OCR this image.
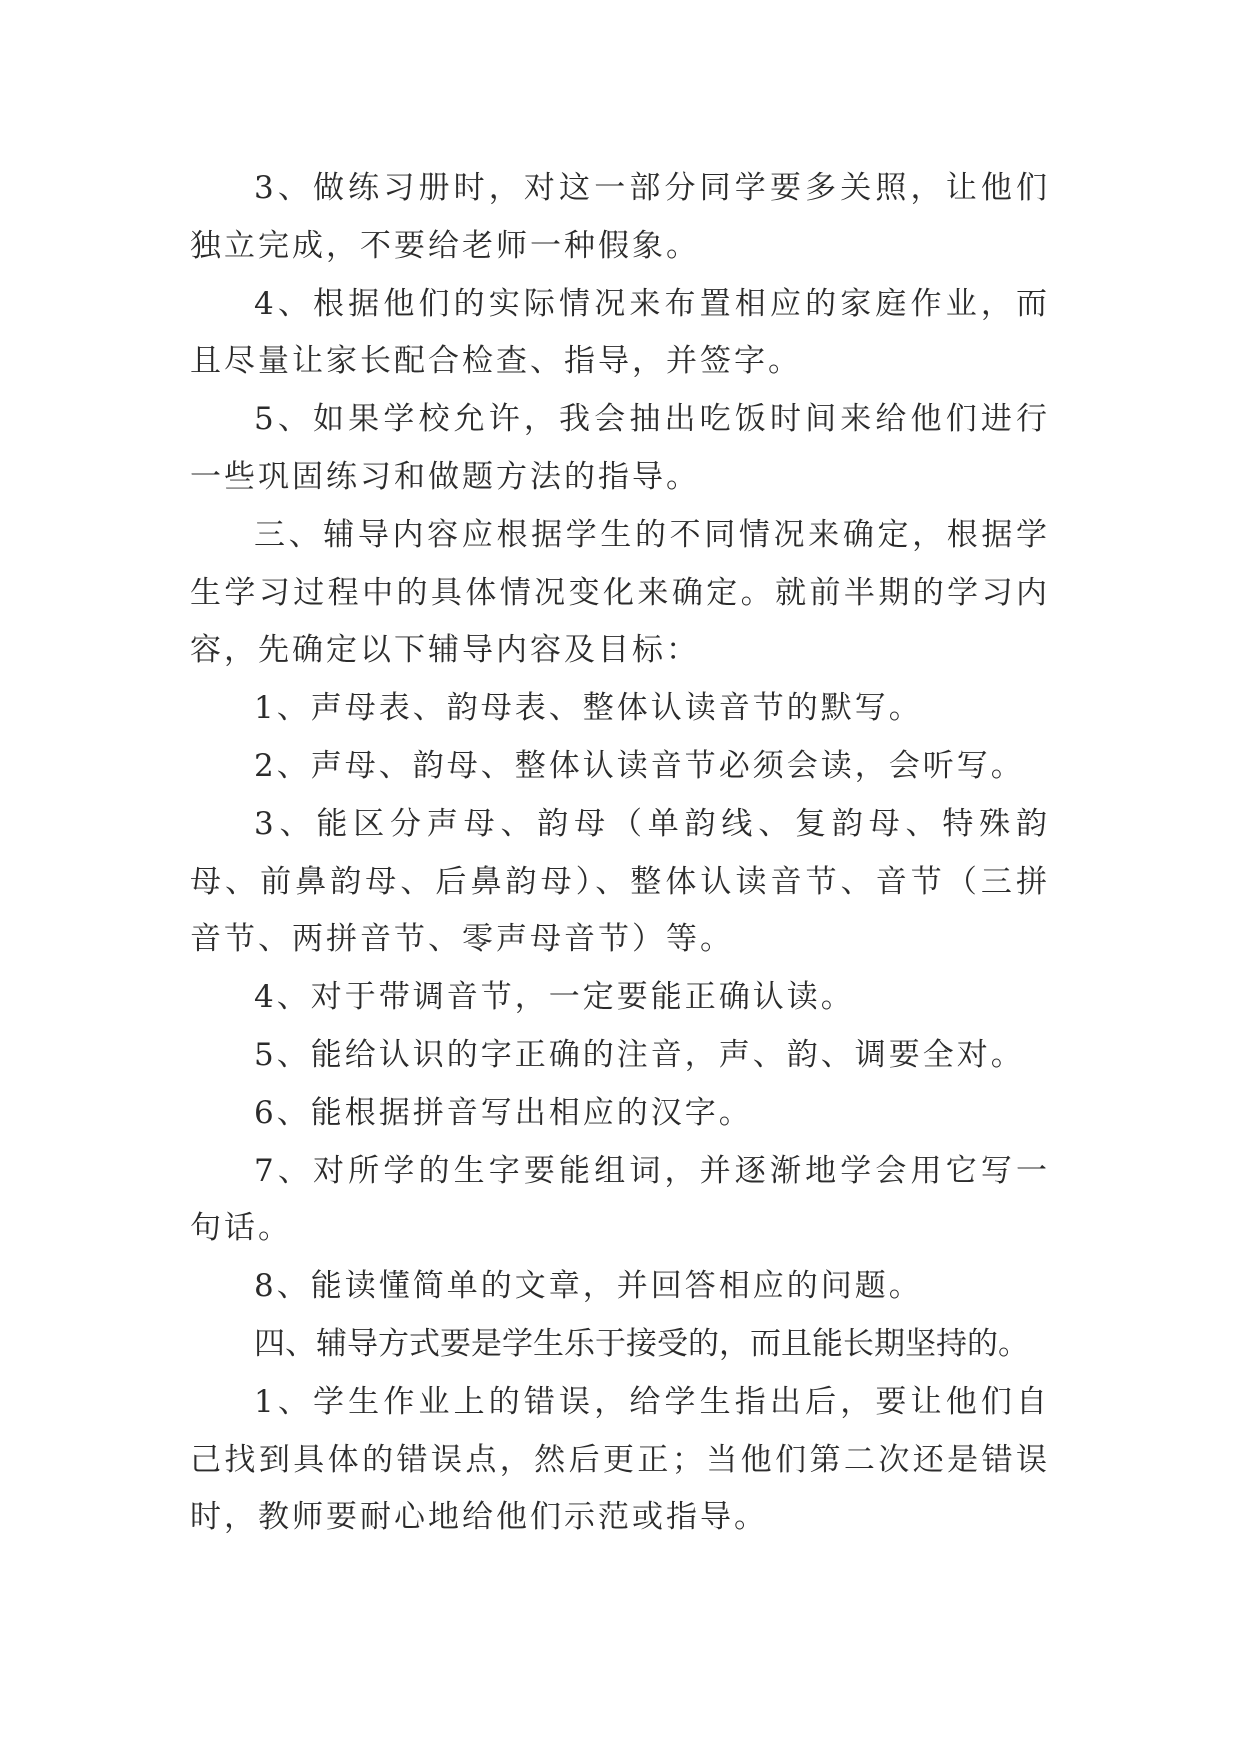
3、做练习册时，对这一部分同学要多关照，让他们独立完成，不要给老师一种假象。

4、根据他们的实际情况来布置相应的家庭作业，而且尽量让家长配合检查、指导，并签字。

5、如果学校允许，我会抽出吃饭时间来给他们进行一些巩固练习和做题方法的指导。

三、辅导内容应根据学生的不同情况来确定，根据学生学习过程中的具体情况变化来确定。就前半期的学习内容，先确定以下辅导内容及目标：

1、声母表、韵母表、整体认读音节的默写。

2、声母、韵母、整体认读音节必须会读，会听写。

3、能区分声母、韵母（单韵线、复韵母、特殊韵母、前鼻韵母、后鼻韵母）、整体认读音节、音节（三拼音节、两拼音节、零声母音节）等。

4、对于带调音节，一定要能正确认读。

5、能给认识的字正确的注音，声、韵、调要全对。

6、能根据拼音写出相应的汉字。

7、对所学的生字要能组词，并逐渐地学会用它写一句话。

8、能读懂简单的文章，并回答相应的问题。

四、辅导方式要是学生乐于接受的，而且能长期坚持的。

1、学生作业上的错误，给学生指出后，要让他们自己找到具体的错误点，然后更正；当他们第二次还是错误时，教师要耐心地给他们示范或指导。
